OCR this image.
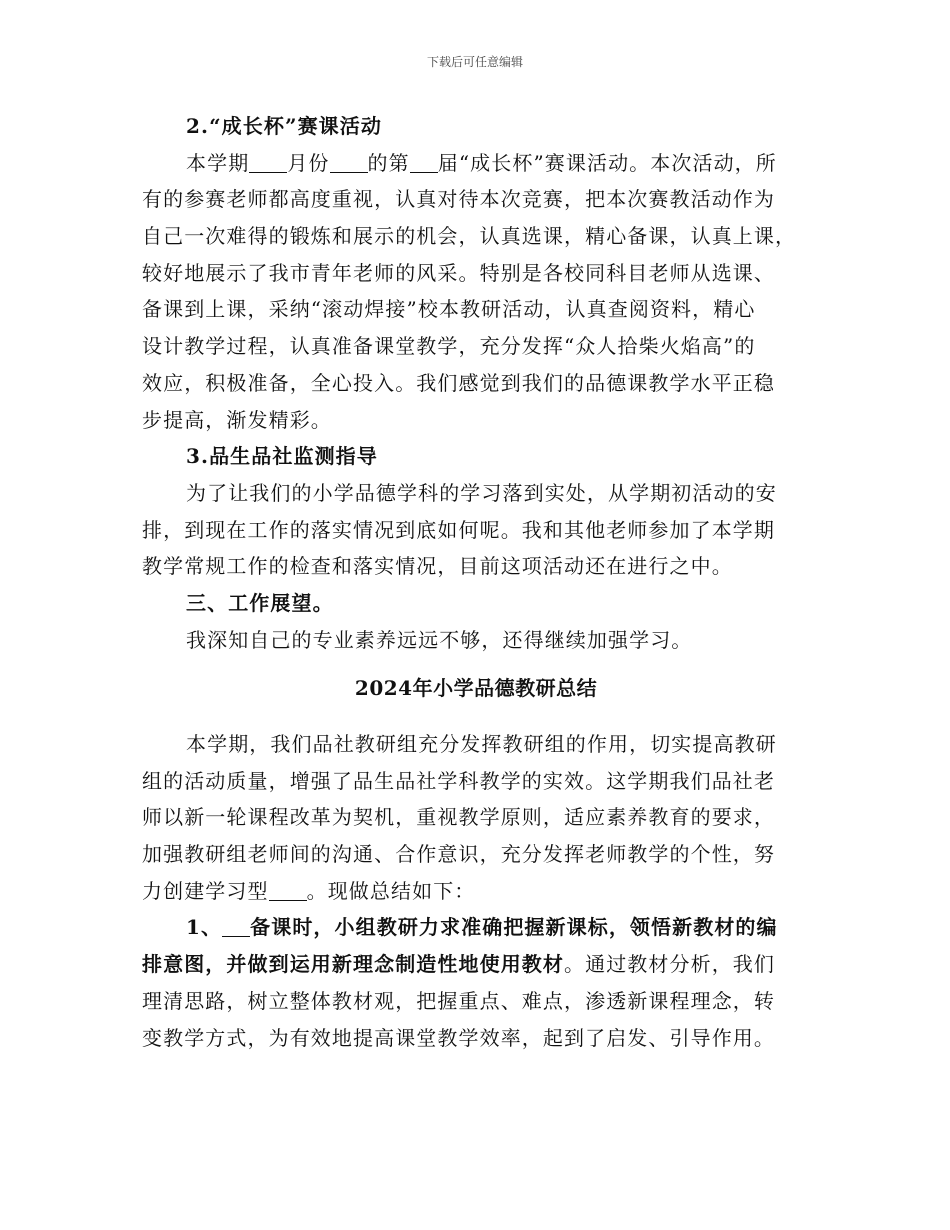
下载后可任意编辑
2.“成长杯”赛课活动
本学期 月份 的第 届“成长杯”赛课活动。本次活动，所
有的参赛老师都高度重视，认真对待本次竞赛，把本次赛教活动作为
自己一次难得的锻炼和展示的机会，认真选课，精心备课，认真上课，
较好地展示了我市青年老师的风采。特别是各校同科目老师从选课、
备课到上课，采纳“滚动焊接”校本教研活动，认真查阅资料，精心
设计教学过程，认真准备课堂教学，充分发挥“众人拾柴火焰高”的
效应，积极准备，全心投入。我们感觉到我们的品德课教学水平正稳
步提高，渐发精彩。
3.品生品社监测指导
为了让我们的小学品德学科的学习落到实处，从学期初活动的安
排，到现在工作的落实情况到底如何呢。我和其他老师参加了本学期
教学常规工作的检查和落实情况，目前这项活动还在进行之中。
三、工作展望。
我深知自己的专业素养远远不够，还得继续加强学习。
2024年小学品德教研总结
本学期，我们品社教研组充分发挥教研组的作用，切实提高教研
组的活动质量，增强了品生品社学科教学的实效。这学期我们品社老
师以新一轮课程改革为契机，重视教学原则，适应素养教育的要求，
加强教研组老师间的沟通、合作意识，充分发挥老师教学的个性，努
力创建学习型 。现做总结如下：
1、 备课时，小组教研力求准确把握新课标，领悟新教材的编
排意图，并做到运用新理念制造性地使用教材。通过教材分析，我们
理清思路，树立整体教材观，把握重点、难点，渗透新课程理念，转
变教学方式，为有效地提高课堂教学效率，起到了启发、引导作用。
